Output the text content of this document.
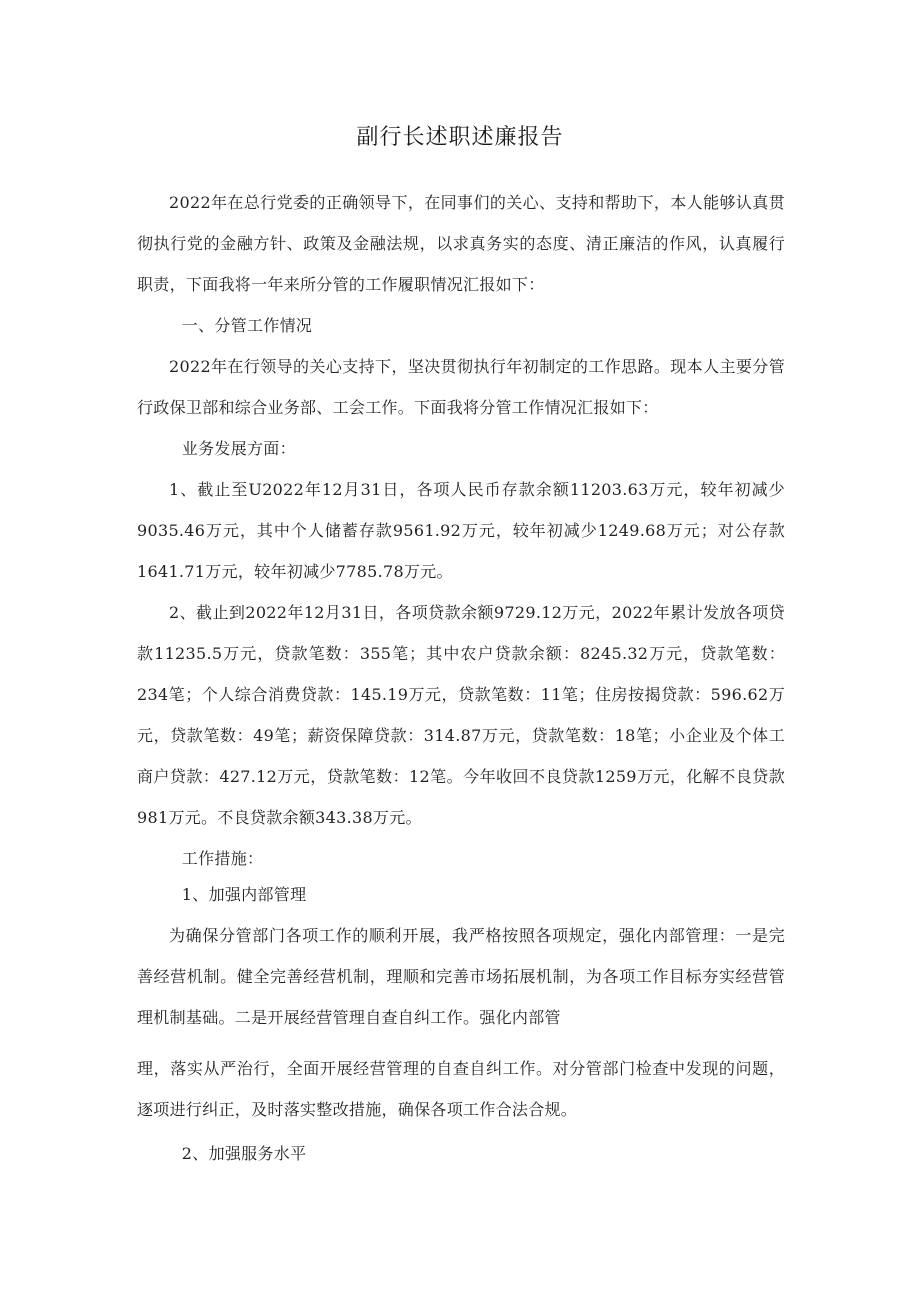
副行长述职述廉报告
2022年在总行党委的正确领导下，在同事们的关心、支持和帮助下，本人能够认真贯彻执行党的金融方针、政策及金融法规，以求真务实的态度、清正廉洁的作风，认真履行职责，下面我将一年来所分管的工作履职情况汇报如下：
一、分管工作情况
2022年在行领导的关心支持下，坚决贯彻执行年初制定的工作思路。现本人主要分管行政保卫部和综合业务部、工会工作。下面我将分管工作情况汇报如下：
业务发展方面：
1、截止至U2022年12月31日，各项人民币存款余额11203.63万元，较年初减少9035.46万元，其中个人储蓄存款9561.92万元，较年初减少1249.68万元；对公存款1641.71万元，较年初减少7785.78万元。
2、截止到2022年12月31日，各项贷款余额9729.12万元，2022年累计发放各项贷款11235.5万元，贷款笔数：355笔；其中农户贷款余额：8245.32万元，贷款笔数：234笔；个人综合消费贷款：145.19万元，贷款笔数：11笔；住房按揭贷款：596.62万元，贷款笔数：49笔；薪资保障贷款：314.87万元，贷款笔数：18笔；小企业及个体工商户贷款：427.12万元，贷款笔数：12笔。今年收回不良贷款1259万元，化解不良贷款981万元。不良贷款余额343.38万元。
工作措施：
1、加强内部管理
为确保分管部门各项工作的顺利开展，我严格按照各项规定，强化内部管理：一是完善经营机制。健全完善经营机制，理顺和完善市场拓展机制，为各项工作目标夯实经营管理机制基础。二是开展经营管理自查自纠工作。强化内部管
理，落实从严治行，全面开展经营管理的自查自纠工作。对分管部门检查中发现的问题，逐项进行纠正，及时落实整改措施，确保各项工作合法合规。
2、加强服务水平
